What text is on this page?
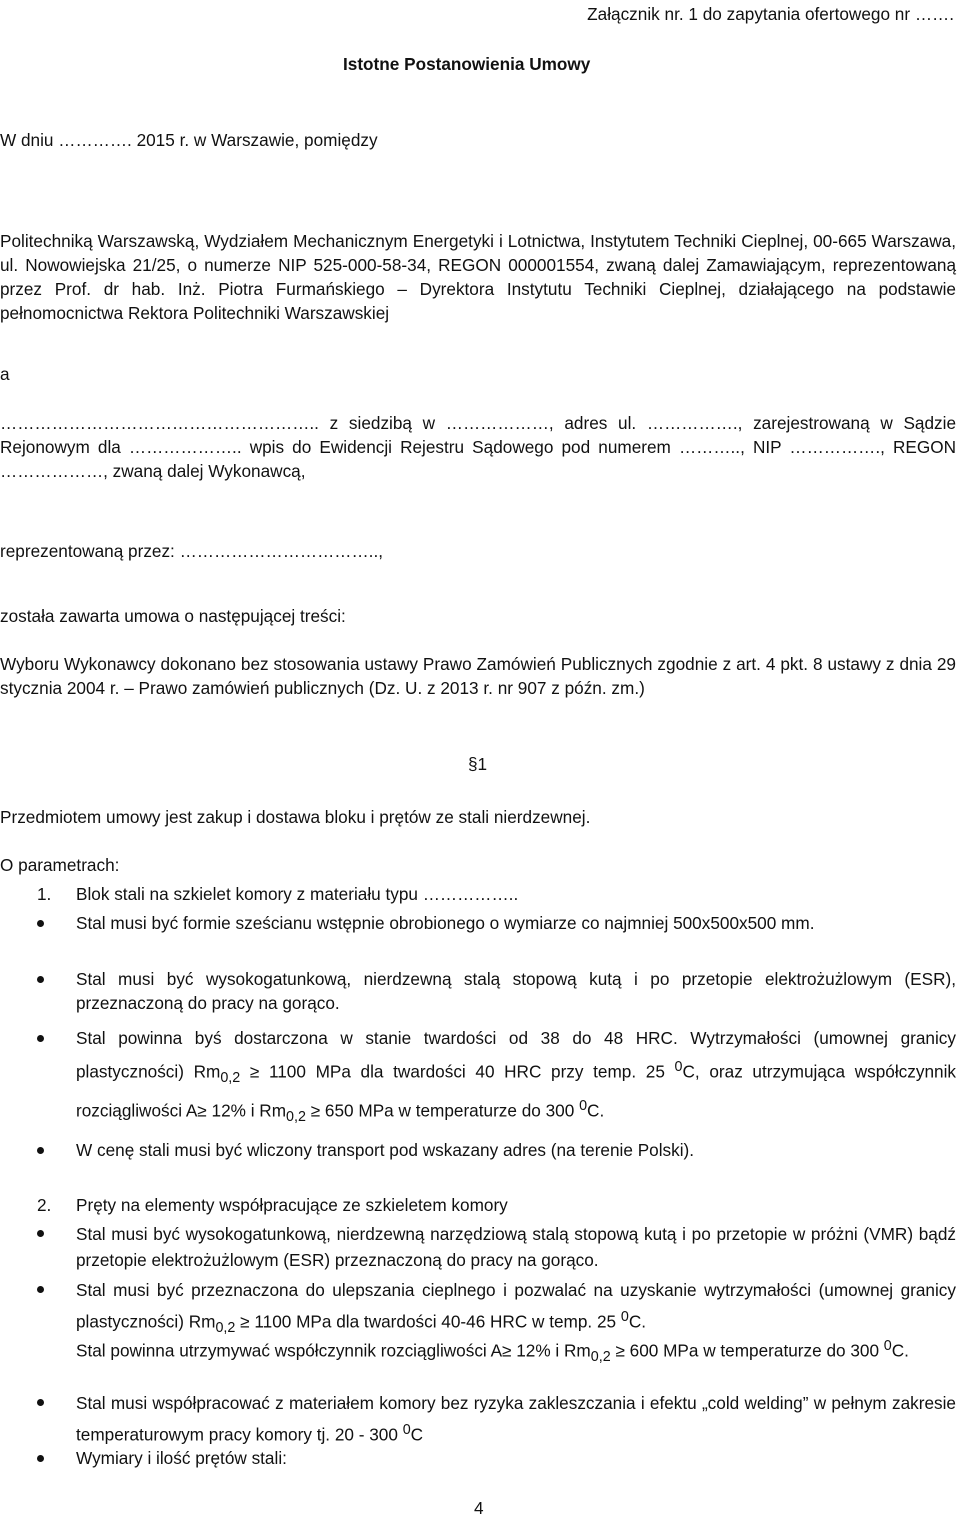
Załącznik nr. 1 do zapytania ofertowego nr …….
Istotne Postanowienia Umowy
W dniu …………. 2015 r. w Warszawie, pomiędzy
Politechniką Warszawską, Wydziałem Mechanicznym Energetyki i Lotnictwa, Instytutem Techniki Cieplnej, 00-665 Warszawa, ul. Nowowiejska 21/25, o numerze NIP 525-000-58-34, REGON 000001554, zwaną dalej Zamawiającym, reprezentowaną przez Prof. dr hab. Inż. Piotra Furmańskiego – Dyrektora Instytutu Techniki Cieplnej, działającego na podstawie pełnomocnictwa Rektora Politechniki Warszawskiej
a
……………………………………………….. z siedzibą w ………………, adres ul. ……………., zarejestrowaną w Sądzie Rejonowym dla ……………….. wpis do Ewidencji Rejestru Sądowego pod numerem ……….., NIP ……………., REGON ………………, zwaną dalej Wykonawcą,
reprezentowaną przez: ……………………………..,
została zawarta umowa o następującej treści:
Wyboru Wykonawcy dokonano bez stosowania ustawy Prawo Zamówień Publicznych zgodnie z art. 4 pkt. 8 ustawy z dnia 29 stycznia 2004 r. – Prawo zamówień publicznych (Dz. U. z 2013 r. nr 907 z późn. zm.)
§1
Przedmiotem umowy jest zakup i dostawa bloku i prętów ze stali nierdzewnej.
O parametrach:
1. Blok stali na szkielet komory z materiału typu ……………..
Stal musi być formie sześcianu wstępnie obrobionego o wymiarze co najmniej 500x500x500 mm.
Stal musi być wysokogatunkową, nierdzewną stalą stopową kutą i po przetopie elektrożużlowym (ESR), przeznaczoną do pracy na gorąco.
Stal powinna byś dostarczona w stanie twardości od 38 do 48 HRC. Wytrzymałości (umownej granicy plastyczności) $Rm_{0,2} \ge 1100$ MPa dla twardości 40 HRC przy temp. 25 $^0$C, oraz utrzymująca współczynnik rozciągliwości A≥ 12% i $Rm_{0,2} \ge 650$ MPa w temperaturze do 300 $^0$C.
W cenę stali musi być wliczony transport pod wskazany adres (na terenie Polski).
2. Pręty na elementy współpracujące ze szkieletem komory
Stal musi być wysokogatunkową, nierdzewną narzędziową stalą stopową kutą i po przetopie w próżni (VMR) bądź przetopie elektrożużlowym (ESR) przeznaczoną do pracy na gorąco.
Stal musi być przeznaczona do ulepszania cieplnego i pozwalać na uzyskanie wytrzymałości (umownej granicy plastyczności) $Rm_{0,2} \ge 1100$ MPa dla twardości 40-46 HRC w temp. 25 $^0$C.
Stal powinna utrzymywać współczynnik rozciągliwości A≥ 12% i $Rm_{0,2} \ge 600$ MPa w temperaturze do 300 $^0$C.
Stal musi współpracować z materiałem komory bez ryzyka zakleszczania i efektu „cold welding” w pełnym zakresie temperaturowym pracy komory tj. 20 - 300 $^0$C
Wymiary i ilość prętów stali:
4
